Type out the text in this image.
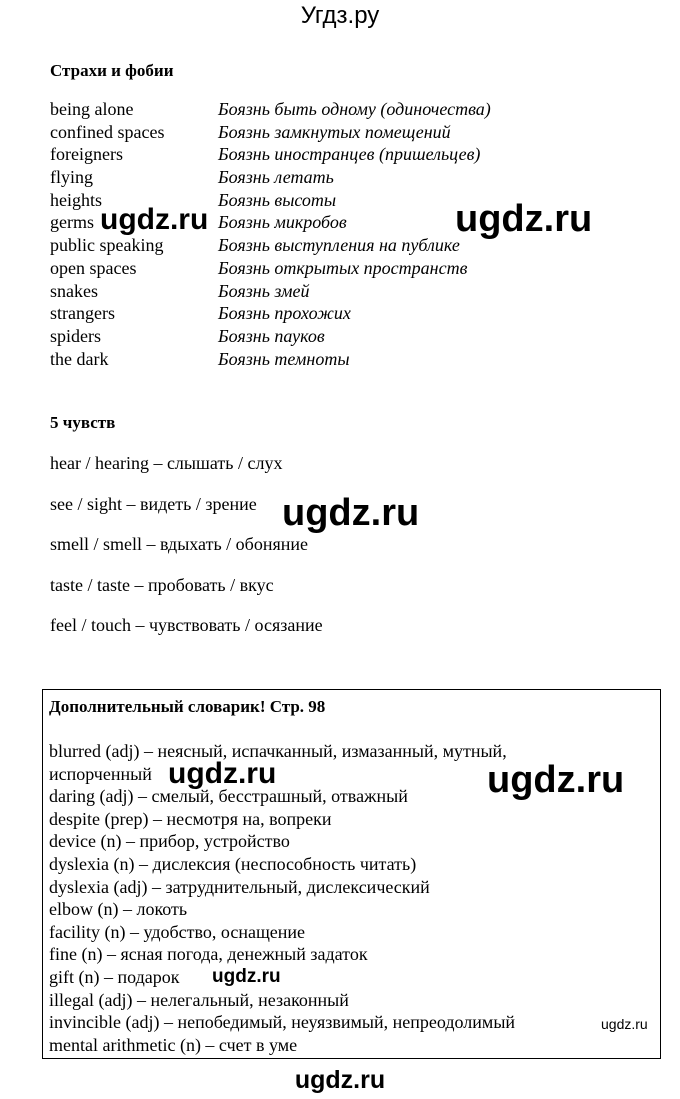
Угдз.ру
Страхи и фобии
being alone	Боязнь быть одному (одиночества)
confined spaces	Боязнь замкнутых помещений
foreigners	Боязнь иностранцев (пришельцев)
flying	Боязнь летать
heights	Боязнь высоты
germs	Боязнь микробов
public speaking	Боязнь выступления на публике
open spaces	Боязнь открытых пространств
snakes	Боязнь змей
strangers	Боязнь прохожих
spiders	Боязнь пауков
the dark	Боязнь темноты
5 чувств
hear / hearing – слышать / слух
see / sight – видеть / зрение
smell / smell – вдыхать / обоняние
taste / taste – пробовать / вкус
feel / touch – чувствовать / осязание
Дополнительный словарик! Стр. 98
blurred (adj) – неясный, испачканный, измазанный, мутный,
испорченный
daring (adj) – смелый, бесстрашный, отважный
despite (prep) – несмотря на, вопреки
device (n) – прибор, устройство
dyslexia (n) – дислексия (неспособность читать)
dyslexia (adj) – затруднительный, дислексический
elbow (n) – локоть
facility (n) – удобство, оснащение
fine (n) – ясная погода, денежный задаток
gift (n) – подарок
illegal (adj) – нелегальный, незаконный
invincible (adj) – непобедимый, неуязвимый, непреодолимый
mental arithmetic (n) – счет в уме
ugdz.ru	ugdz.ru
ugdz.ru
ugdz.ru	ugdz.ru
ugdz.ru
ugdz.ru
ugdz.ru
